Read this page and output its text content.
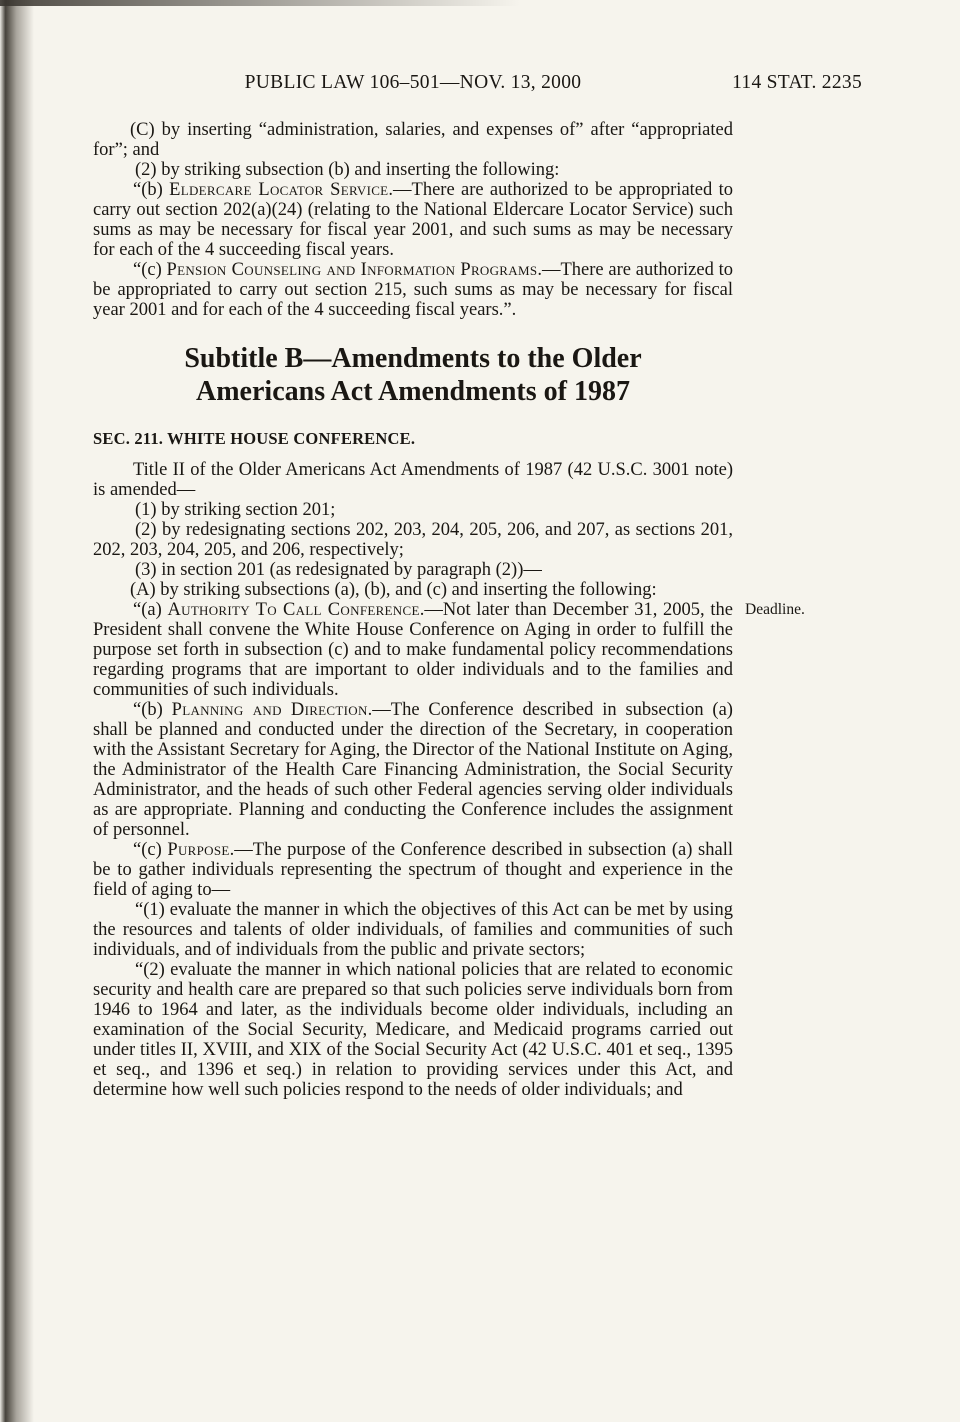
PUBLIC LAW 106–501—NOV. 13, 2000	114 STAT. 2235

(C) by inserting “administration, salaries, and expenses of” after “appropriated for”; and

(2) by striking subsection (b) and inserting the following:

“(b) Eldercare Locator Service.—There are authorized to be appropriated to carry out section 202(a)(24) (relating to the National Eldercare Locator Service) such sums as may be necessary for fiscal year 2001, and such sums as may be necessary for each of the 4 succeeding fiscal years.

“(c) Pension Counseling and Information Programs.—There are authorized to be appropriated to carry out section 215, such sums as may be necessary for fiscal year 2001 and for each of the 4 succeeding fiscal years.”.

Subtitle B—Amendments to the Older
Americans Act Amendments of 1987
SEC. 211. WHITE HOUSE CONFERENCE.

Title II of the Older Americans Act Amendments of 1987 (42 U.S.C. 3001 note) is amended—

(1) by striking section 201;

(2) by redesignating sections 202, 203, 204, 205, 206, and 207, as sections 201, 202, 203, 204, 205, and 206, respectively;

(3) in section 201 (as redesignated by paragraph (2))—

(A) by striking subsections (a), (b), and (c) and inserting the following:

“(a) Authority To Call Conference.—Not later than December 31, 2005, the President shall convene the White House Conference on Aging in order to fulfill the purpose set forth in subsection (c) and to make fundamental policy recommendations regarding programs that are important to older individuals and to the families and communities of such individuals.

Deadline.

“(b) Planning and Direction.—The Conference described in subsection (a) shall be planned and conducted under the direction of the Secretary, in cooperation with the Assistant Secretary for Aging, the Director of the National Institute on Aging, the Administrator of the Health Care Financing Administration, the Social Security Administrator, and the heads of such other Federal agencies serving older individuals as are appropriate. Planning and conducting the Conference includes the assignment of personnel.

“(c) Purpose.—The purpose of the Conference described in subsection (a) shall be to gather individuals representing the spectrum of thought and experience in the field of aging to—

“(1) evaluate the manner in which the objectives of this Act can be met by using the resources and talents of older individuals, of families and communities of such individuals, and of individuals from the public and private sectors;

“(2) evaluate the manner in which national policies that are related to economic security and health care are prepared so that such policies serve individuals born from 1946 to 1964 and later, as the individuals become older individuals, including an examination of the Social Security, Medicare, and Medicaid programs carried out under titles II, XVIII, and XIX of the Social Security Act (42 U.S.C. 401 et seq., 1395 et seq., and 1396 et seq.) in relation to providing services under this Act, and determine how well such policies respond to the needs of older individuals; and
